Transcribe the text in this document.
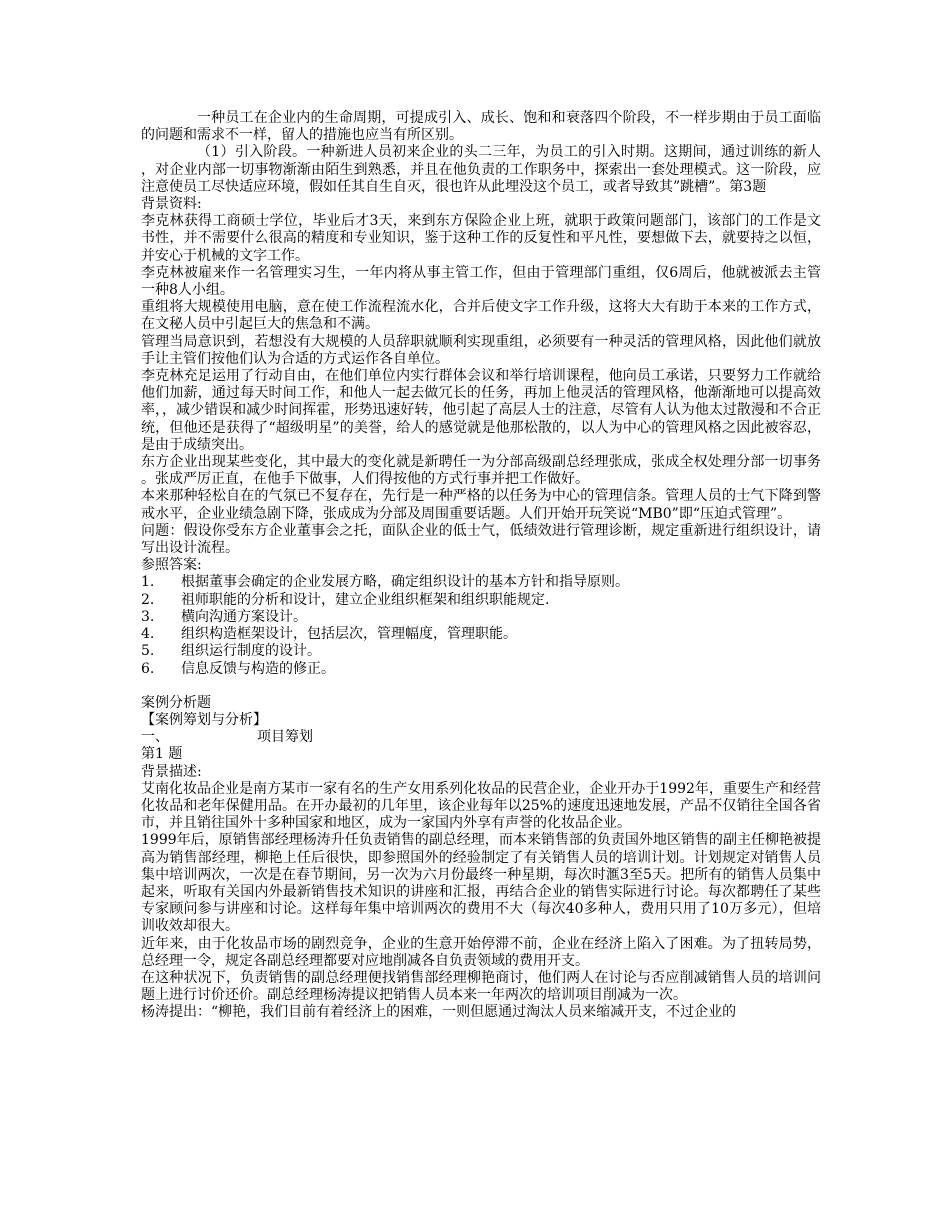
一种员工在企业内的生命周期，可提成引入、成长、饱和和衰落四个阶段，不一样步期由于员工面临的问题和需求不一样，留人的措施也应当有所区别。

（1）引入阶段。一种新进人员初来企业的头二三年，为员工的引入时期。这期间，通过训练的新人，对企业内部一切事物渐渐由陌生到熟悉，并且在他负责的工作职务中，探索出一套处理模式。这一阶段，应注意使员工尽快适应环境，假如任其自生自灭，很也许从此埋没这个员工，或者导致其”跳槽”。第3题

背景资料:

李克林获得工商硕士学位，毕业后才3天，来到东方保险企业上班，就职于政策问题部门，该部门的工作是文书性，并不需要什么很高的精度和专业知识，鉴于这种工作的反复性和平凡性，要想做下去，就要持之以恒，并安心于机械的文字工作。

李克林被雇来作一名管理实习生，一年内将从事主管工作，但由于管理部门重组，仅6周后，他就被派去主管一种8人小组。

重组将大规模使用电脑，意在使工作流程流水化，合并后使文字工作升级，这将大大有助于本来的工作方式，在文秘人员中引起巨大的焦急和不满。

管理当局意识到，若想没有大规模的人员辞职就顺利实现重组，必须要有一种灵活的管理风格，因此他们就放手让主管们按他们认为合适的方式运作各自单位。

李克林充足运用了行动自由，在他们单位内实行群体会议和举行培训课程，他向员工承诺，只要努力工作就给他们加薪，通过每天时间工作，和他人一起去做冗长的任务，再加上他灵活的管理风格，他渐渐地可以提高效率，，减少错误和减少时间挥霍，形势迅速好转，他引起了高层人士的注意，尽管有人认为他太过散漫和不合正统，但他还是获得了“超级明星”的美誉，给人的感觉就是他那松散的，以人为中心的管理风格之因此被容忍，是由于成绩突出。

东方企业出现某些变化，其中最大的变化就是新聘任一为分部高级副总经理张成，张成全权处理分部一切事务。张成严厉正直，在他手下做事，人们得按他的方式行事并把工作做好。

本来那种轻松自在的气氛已不复存在，先行是一种严格的以任务为中心的管理信条。管理人员的士气下降到警戒水平，企业业绩急剧下降，张成成为分部及周围重要话题。人们开始开玩笑说“MB0”即“压迫式管理”。

问题：假设你受东方企业董事会之托，面队企业的低士气，低绩效进行管理诊断，规定重新进行组织设计，请写出设计流程。

参照答案:

1.	根据董事会确定的企业发展方略，确定组织设计的基本方针和指导原则。
2.	祖师职能的分析和设计，建立企业组织框架和组织职能规定.
3.	横向沟通方案设计。
4.	组织构造框架设计，包括层次，管理幅度，管理职能。
5.	组织运行制度的设计。
6.	信息反馈与构造的修正。

案例分析题

【案例筹划与分析】

一、	项目筹划

第1 题

背景描述:

艾南化妆品企业是南方某市一家有名的生产女用系列化妆品的民营企业，企业开办于1992年，重要生产和经营化妆品和老年保健用品。在开办最初的几年里，该企业每年以25%的速度迅速地发展，产品不仅销往全国各省市，并且销往国外十多种国家和地区，成为一家国内外享有声誉的化妆品企业。

1999年后，原销售部经理杨涛升任负责销售的副总经理，而本来销售部的负责国外地区销售的副主任柳艳被提高为销售部经理，柳艳上任后很快，即参照国外的经验制定了有关销售人员的培训计划。计划规定对销售人员集中培训两次，一次是在春节期间，另一次为六月份最终一种星期，每次时滙3至5天。把所有的销售人员集中起来，听取有关国内外最新销售技术知识的讲座和汇报，再结合企业的销售实际进行讨论。每次都聘任了某些专家顾问参与讲座和讨论。这样每年集中培训两次的费用不大（每次40多种人，费用只用了10万多元），但培训收效却很大。

近年来，由于化妆品市场的剧烈竞争，企业的生意开始停滞不前，企业在经济上陷入了困难。为了扭转局势，总经理一令，规定各副总经理都要对应地削减各自负责领域的费用开支。

在这种状况下，负责销售的副总经理便找销售部经理柳艳商讨，他们两人在讨论与否应削减销售人员的培训问题上进行讨价还价。副总经理杨涛提议把销售人员本来一年两次的培训项目削减为一次。

杨涛提出：“柳艳，我们目前有着经济上的困难，一则但愿通过淘汰人员来缩减开支，不过企业的
